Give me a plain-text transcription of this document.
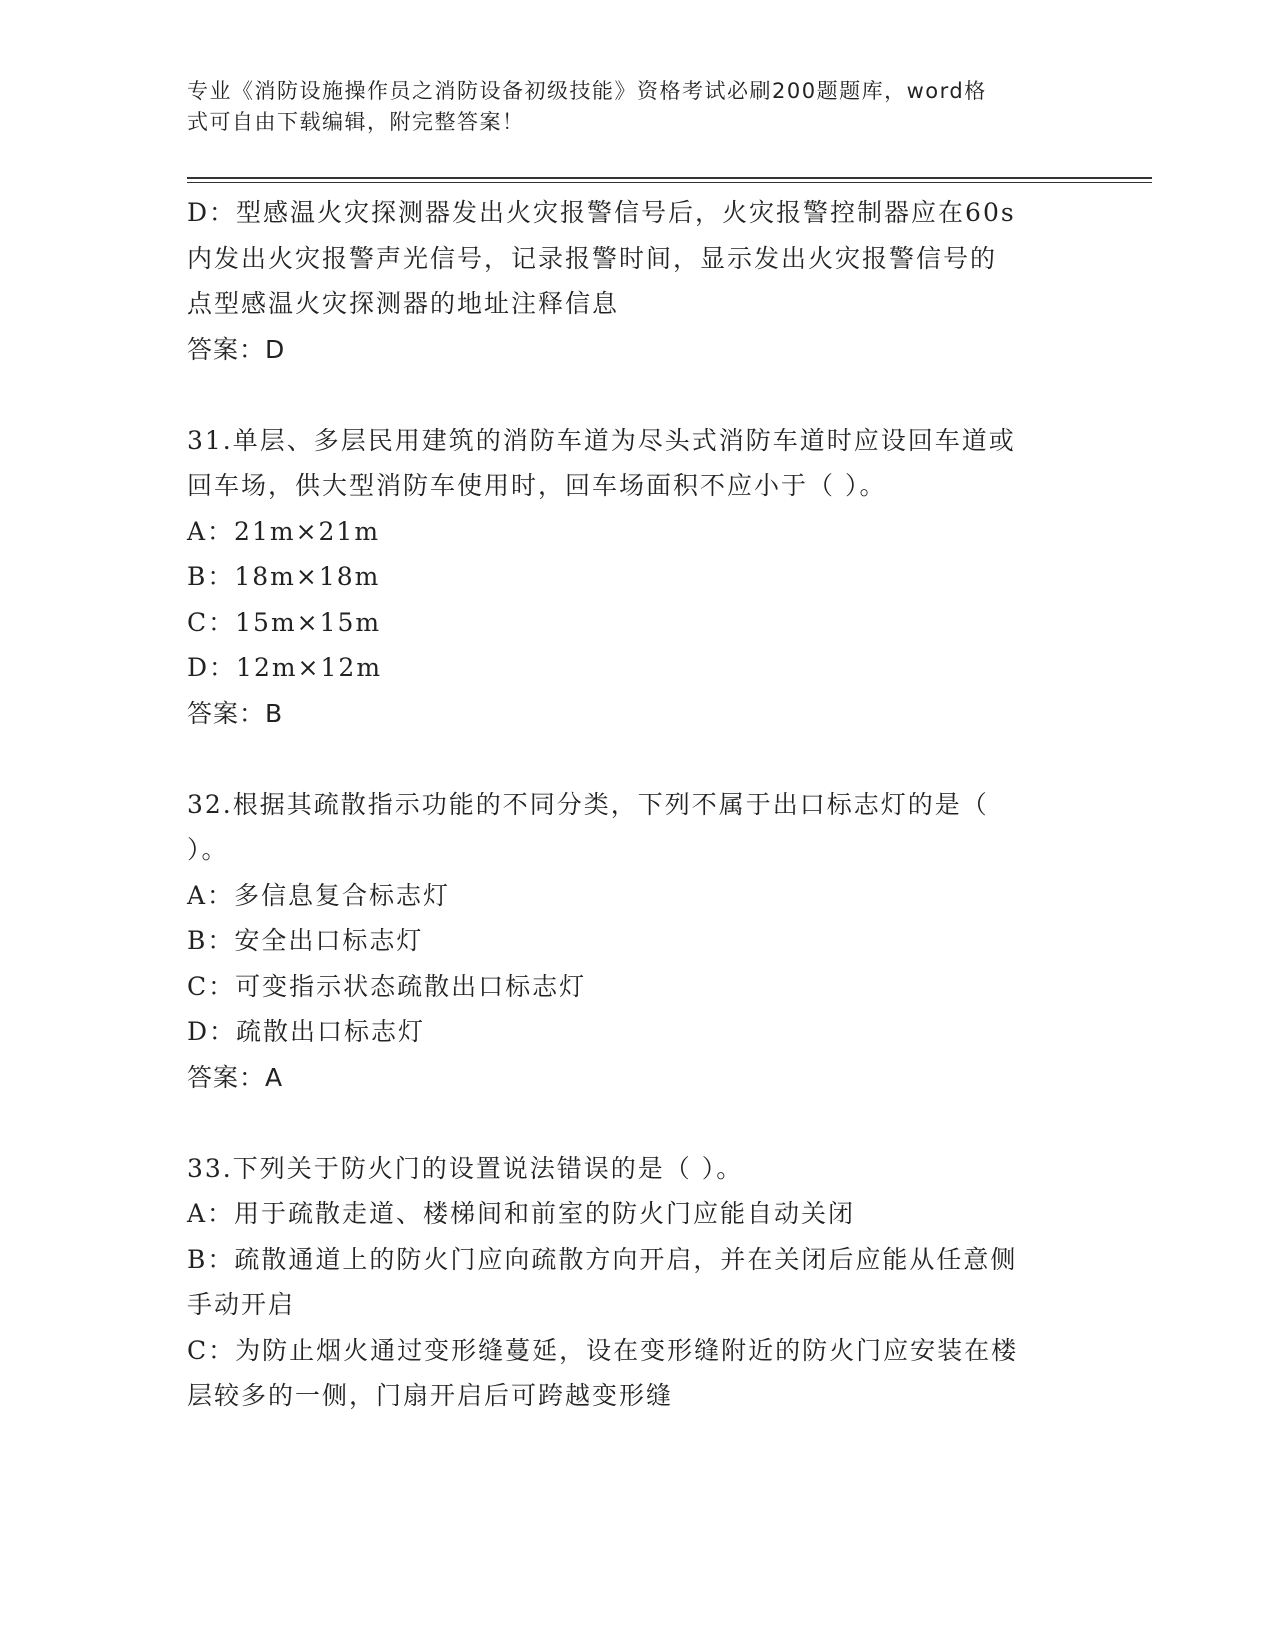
专业《消防设施操作员之消防设备初级技能》资格考试必刷200题题库，word格
式可自由下载编辑，附完整答案！
D：型感温火灾探测器发出火灾报警信号后，火灾报警控制器应在60s
内发出火灾报警声光信号，记录报警时间，显示发出火灾报警信号的
点型感温火灾探测器的地址注释信息
答案：D
31.单层、多层民用建筑的消防车道为尽头式消防车道时应设回车道或
回车场，供大型消防车使用时，回车场面积不应小于（ ）。
A：21m×21m
B：18m×18m
C：15m×15m
D：12m×12m
答案：B
32.根据其疏散指示功能的不同分类，下列不属于出口标志灯的是（
）。
A：多信息复合标志灯
B：安全出口标志灯
C：可变指示状态疏散出口标志灯
D：疏散出口标志灯
答案：A
33.下列关于防火门的设置说法错误的是（ ）。
A：用于疏散走道、楼梯间和前室的防火门应能自动关闭
B：疏散通道上的防火门应向疏散方向开启，并在关闭后应能从任意侧
手动开启
C：为防止烟火通过变形缝蔓延，设在变形缝附近的防火门应安装在楼
层较多的一侧，门扇开启后可跨越变形缝
